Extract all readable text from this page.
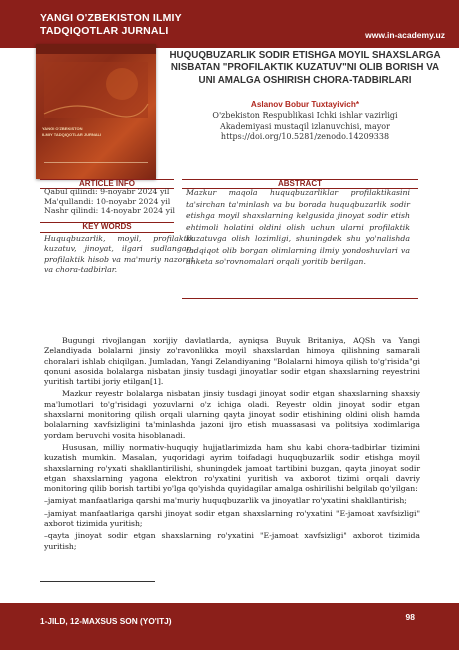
YANGI O'ZBEKISTON ILMIY
TADQIQOTLAR JURNALI	www.in-academy.uz
YANGI O'ZBEKISTON
ILMIY TADQIQOTLAR JURNALI
HUQUQBUZARLIK SODIR ETISHGA MOYIL SHAXSLARGA
NISBATAN "PROFILAKTIK KUZATUV"NI OLIB BORISH VA
UNI AMALGA OSHIRISH CHORA-TADBIRLARI
Aslanov Bobur Tuxtayivich*
O'zbekiston Respublikasi Ichki ishlar vazirligi
Akademiyasi mustaqil izlanuvchisi, mayor
https://doi.org/10.5281/zenodo.14209338
ARTICLE INFO
Qabul qilindi: 9-noyabr 2024 yil
Ma'qullandi: 10-noyabr 2024 yil
Nashr qilindi: 14-noyabr 2024 yil
KEY WORDS
Huquqbuzarlik, moyil, profilaktik kuzatuv, jinoyat, ilgari sudlangan, profilaktik hisob va ma'muriy nazorat va chora-tadbirlar.
ABSTRACT
Mazkur maqola huquqbuzarliklar profilaktikasini ta'sirchan ta'minlash va bu borada huquqbuzarlik sodir etishga moyil shaxslarning kelgusida jinoyat sodir etish ehtimoli holatini oldini olish uchun ularni profilaktik kuzatuvga olish lozimligi, shuningdek shu yo'nalishda tadqiqot olib borgan olimlarning ilmiy yondoshuvlari va anketa so'rovnomalari orqali yoritib berilgan.

Bugungi rivojlangan xorijiy davlatlarda, ayniqsa Buyuk Britaniya, AQSh va Yangi Zelandiyada bolalarni jinsiy zo'ravonlikka moyil shaxslardan himoya qilishning samarali choralari ishlab chiqilgan. Jumladan, Yangi Zelandiyaning "Bolalarni himoya qilish to'g'risida"gi qonuni asosida bolalarga nisbatan jinsiy tusdagi jinoyatlar sodir etgan shaxslarning reyestrini yuritish tartibi joriy etilgan[1].

Mazkur reyestr bolalarga nisbatan jinsiy tusdagi jinoyat sodir etgan shaxslarning shaxsiy ma'lumotlari to'g'risidagi yozuvlarni o'z ichiga oladi. Reyestr oldin jinoyat sodir etgan shaxslarni monitoring qilish orqali ularning qayta jinoyat sodir etishining oldini olish hamda bolalarning xavfsizligini ta'minlashda jazoni ijro etish muassasasi va politsiya xodimlariga yordam beruvchi vosita hisoblanadi.

Hususan, milliy normativ-huquqiy hujjatlarimizda ham shu kabi chora-tadbirlar tizimini kuzatish mumkin. Masalan, yuqoridagi ayrim toifadagi huquqbuzarlik sodir etishga moyil shaxslarning ro'yxati shakllantirilishi, shuningdek jamoat tartibini buzgan, qayta jinoyat sodir etgan shaxslarning yagona elektron ro'yxatini yuritish va axborot tizimi orqali davriy monitoring qilib borish tartibi yo'lga qo'yishda quyidagilar amalga oshirilishi belgilab qo'yilgan:

–jamiyat manfaatlariga qarshi ma'muriy huquqbuzarlik va jinoyatlar ro'yxatini shakllantirish;

–jamiyat manfaatlariga qarshi jinoyat sodir etgan shaxslarning ro'yxatini "E-jamoat xavfsizligi" axborot tizimida yuritish;

–qayta jinoyat sodir etgan shaxslarning ro'yxatini "E-jamoat xavfsizligi" axborot tizimida yuritish;

1-JILD, 12-MAXSUS SON (YO'ITJ)	98
